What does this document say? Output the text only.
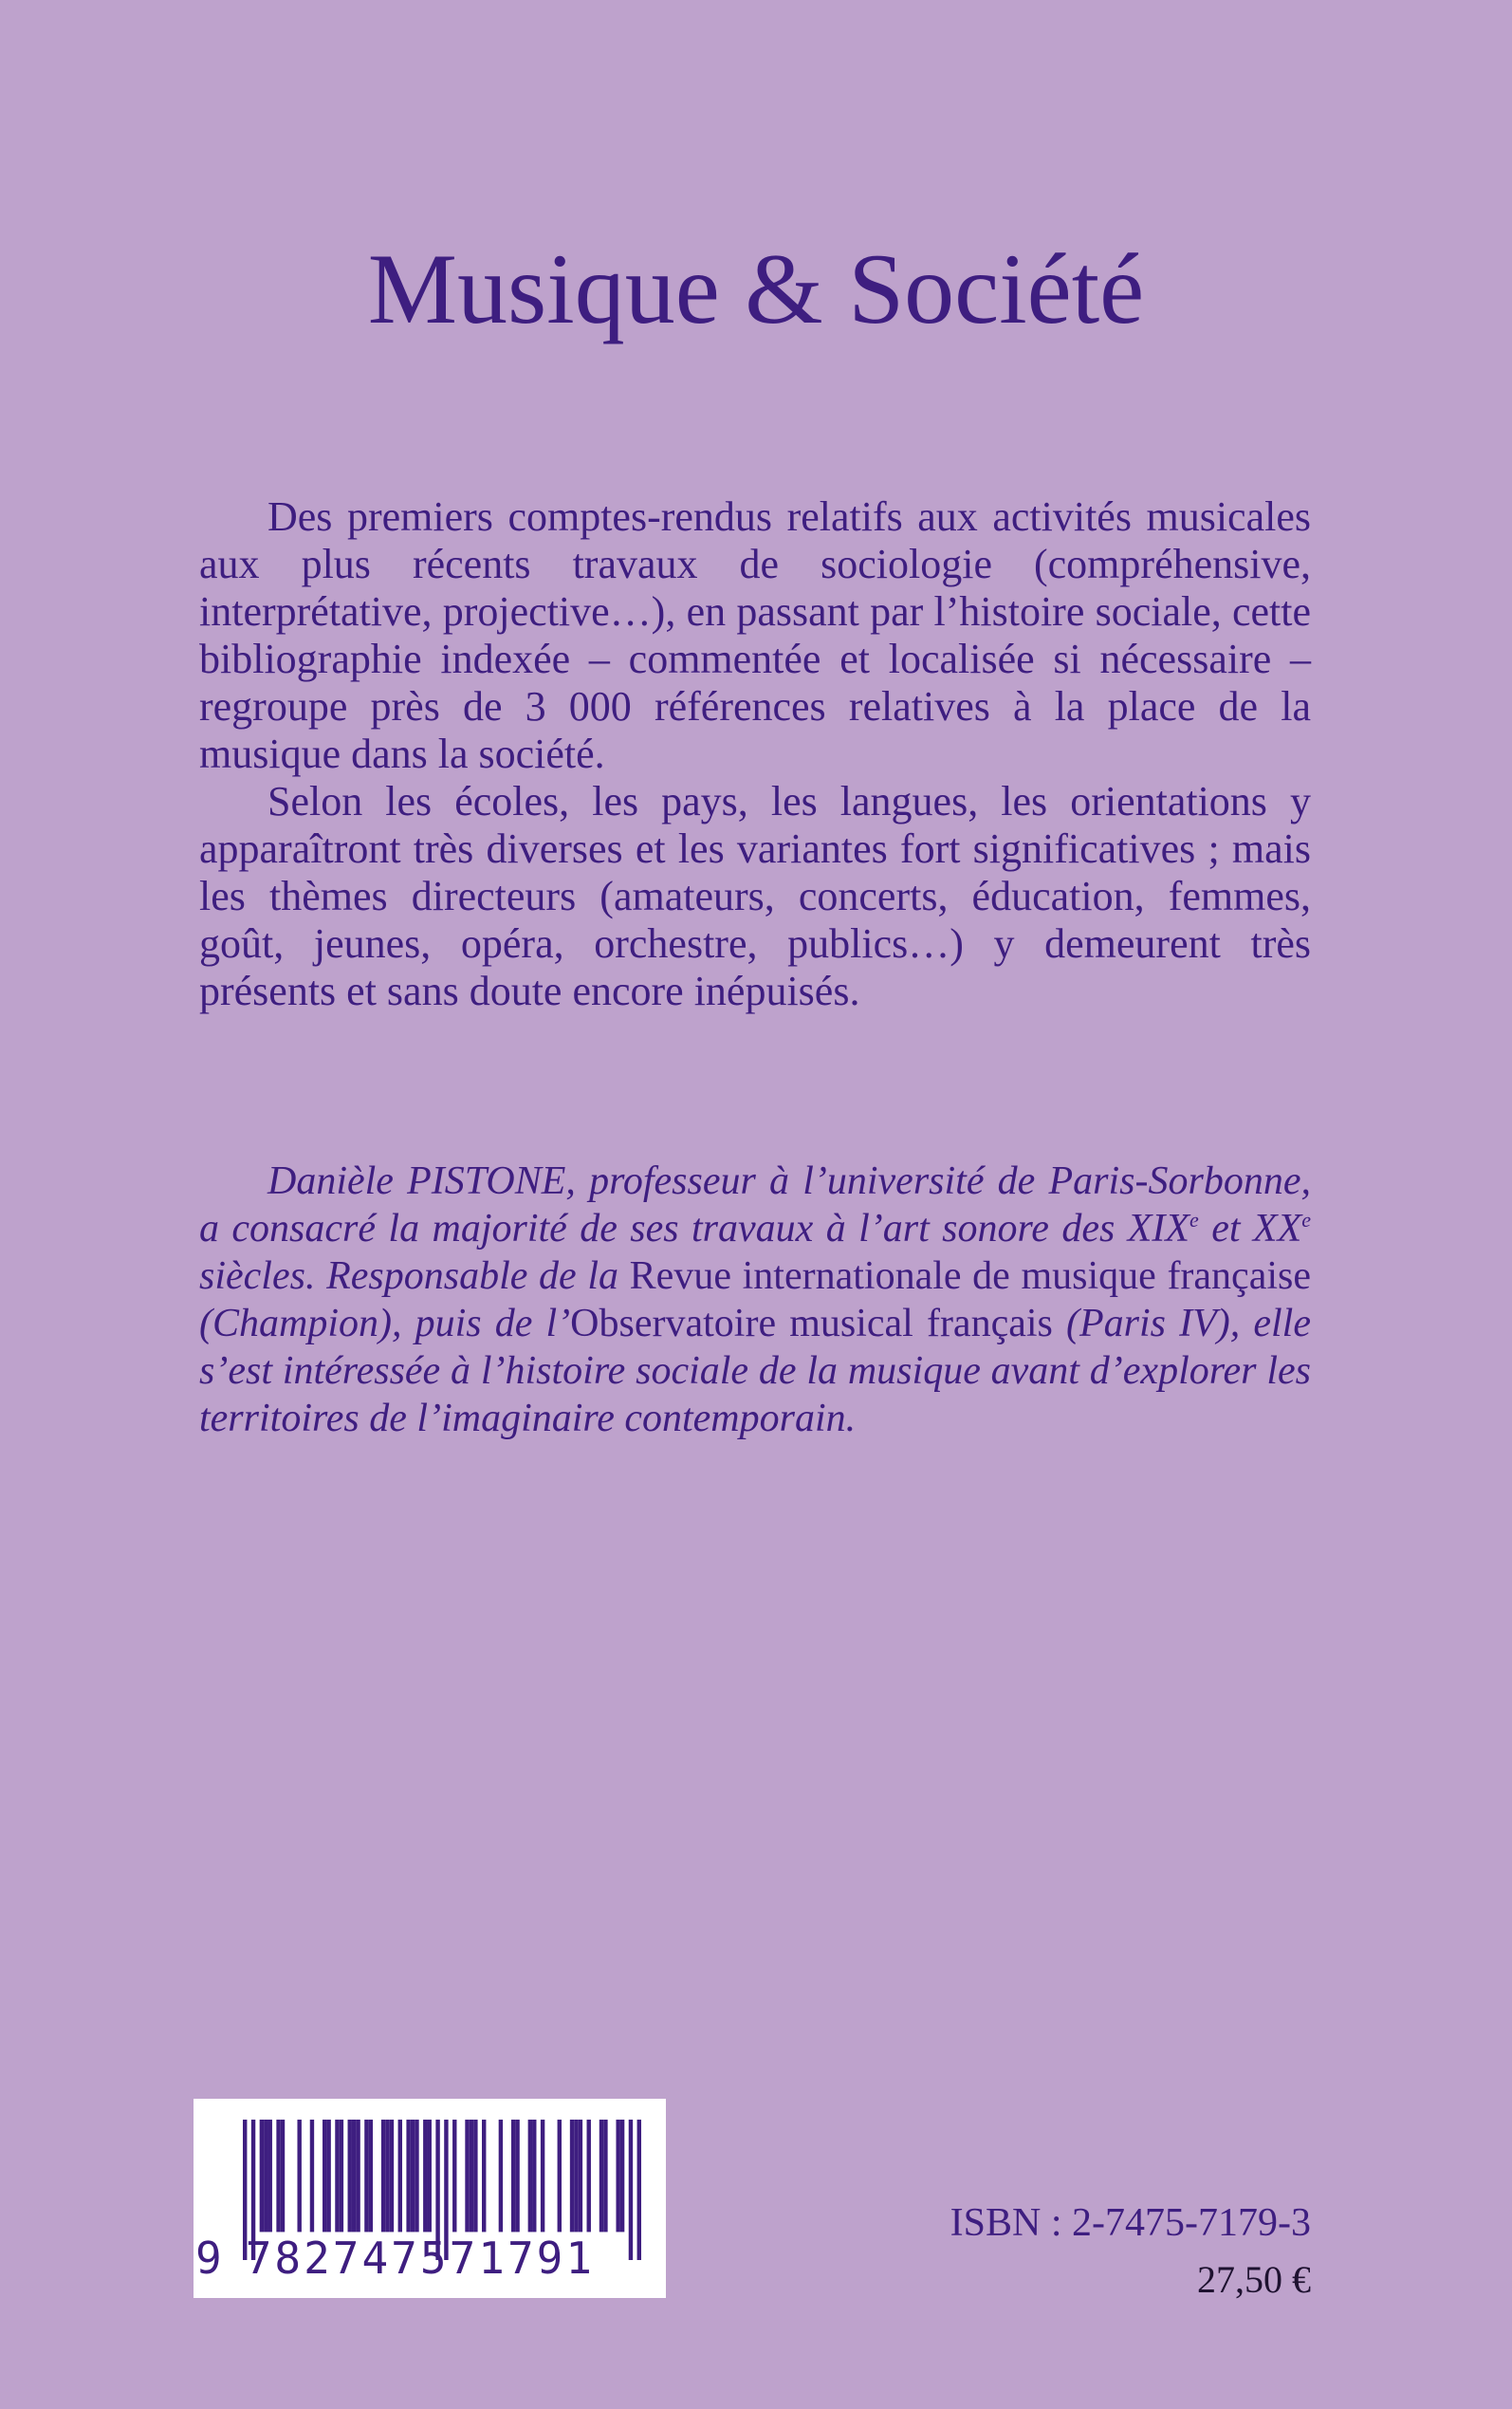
Musique & Société

Des premiers comptes-rendus relatifs aux activités musicales aux plus récents travaux de sociologie (compréhensive, interprétative, projective…), en passant par l’histoire sociale, cette bibliographie indexée – commentée et localisée si nécessaire – regroupe près de 3 000 références relatives à la place de la musique dans la société.

Selon les écoles, les pays, les langues, les orientations y apparaîtront très diverses et les variantes fort significatives ; mais les thèmes directeurs (amateurs, concerts, éducation, femmes, goût, jeunes, opéra, orchestre, publics…) y demeurent très présents et sans doute encore inépuisés.

Danièle PISTONE, professeur à l’université de Paris-Sorbonne, a consacré la majorité de ses travaux à l’art sonore des XIXe et XXe siècles. Responsable de la Revue internationale de musique française (Champion), puis de l’Observatoire musical français (Paris IV), elle s’est intéressée à l’histoire sociale de la musique avant d’explorer les territoires de l’imaginaire contemporain.

9 782747571791

ISBN : 2-7475-7179-3

27,50 €
